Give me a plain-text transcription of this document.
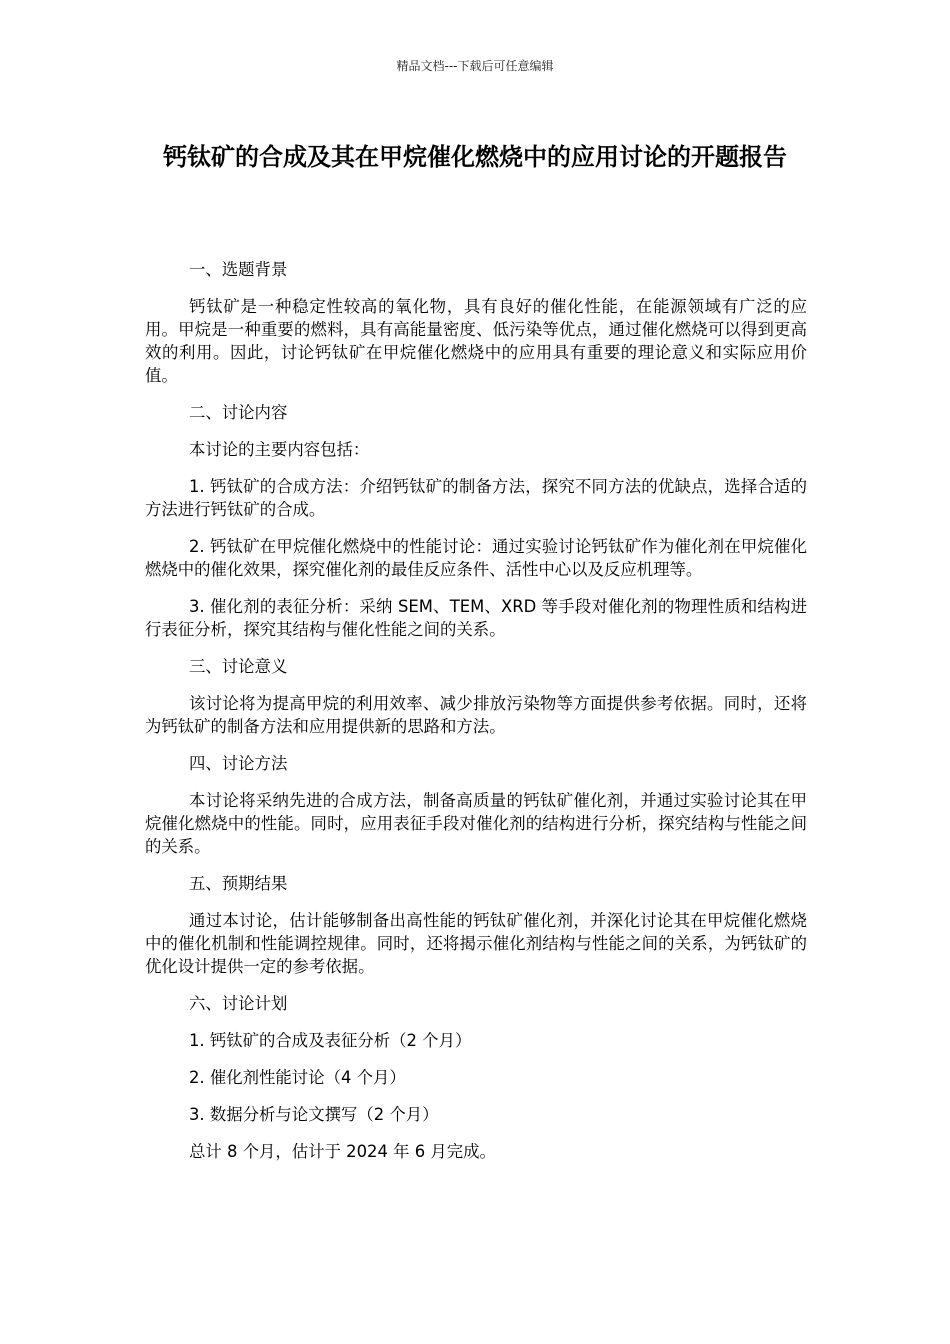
精品文档---下载后可任意编辑
钙钛矿的合成及其在甲烷催化燃烧中的应用讨论的开题报告

一、选题背景

钙钛矿是一种稳定性较高的氧化物，具有良好的催化性能，在能源领域有广泛的应用。甲烷是一种重要的燃料，具有高能量密度、低污染等优点，通过催化燃烧可以得到更高效的利用。因此，讨论钙钛矿在甲烷催化燃烧中的应用具有重要的理论意义和实际应用价值。

二、讨论内容

本讨论的主要内容包括：

1. 钙钛矿的合成方法：介绍钙钛矿的制备方法，探究不同方法的优缺点，选择合适的方法进行钙钛矿的合成。

2. 钙钛矿在甲烷催化燃烧中的性能讨论：通过实验讨论钙钛矿作为催化剂在甲烷催化燃烧中的催化效果，探究催化剂的最佳反应条件、活性中心以及反应机理等。

3. 催化剂的表征分析：采纳 SEM、TEM、XRD 等手段对催化剂的物理性质和结构进行表征分析，探究其结构与催化性能之间的关系。

三、讨论意义

该讨论将为提高甲烷的利用效率、减少排放污染物等方面提供参考依据。同时，还将为钙钛矿的制备方法和应用提供新的思路和方法。

四、讨论方法

本讨论将采纳先进的合成方法，制备高质量的钙钛矿催化剂，并通过实验讨论其在甲烷催化燃烧中的性能。同时，应用表征手段对催化剂的结构进行分析，探究结构与性能之间的关系。

五、预期结果

通过本讨论，估计能够制备出高性能的钙钛矿催化剂，并深化讨论其在甲烷催化燃烧中的催化机制和性能调控规律。同时，还将揭示催化剂结构与性能之间的关系，为钙钛矿的优化设计提供一定的参考依据。

六、讨论计划

1. 钙钛矿的合成及表征分析（2 个月）

2. 催化剂性能讨论（4 个月）

3. 数据分析与论文撰写（2 个月）

总计 8 个月，估计于 2024 年 6 月完成。
